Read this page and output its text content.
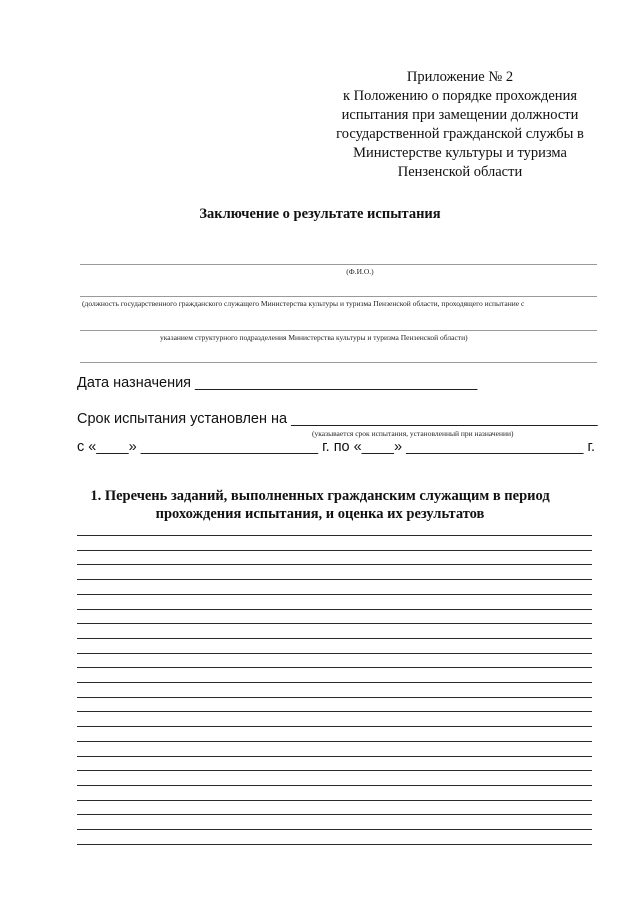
Приложение № 2
к Положению о порядке прохождения
испытания при замещении должности
государственной гражданской службы в
Министерстве культуры и туризма
Пензенской области
Заключение о результате испытания
(Ф.И.О.)
(должность государственного гражданского служащего Министерства культуры и туризма Пензенской области, проходящего испытание с
указанием структурного подразделения Министерства культуры и туризма Пензенской области)
Дата назначения ___________________________________
Срок испытания установлен на ______________________________________
(указывается срок испытания, установленный при назначении)
с «____» ______________________ г. по «____» ______________________ г.
1. Перечень заданий, выполненных гражданским служащим в период
прохождения испытания, и оценка их результатов
